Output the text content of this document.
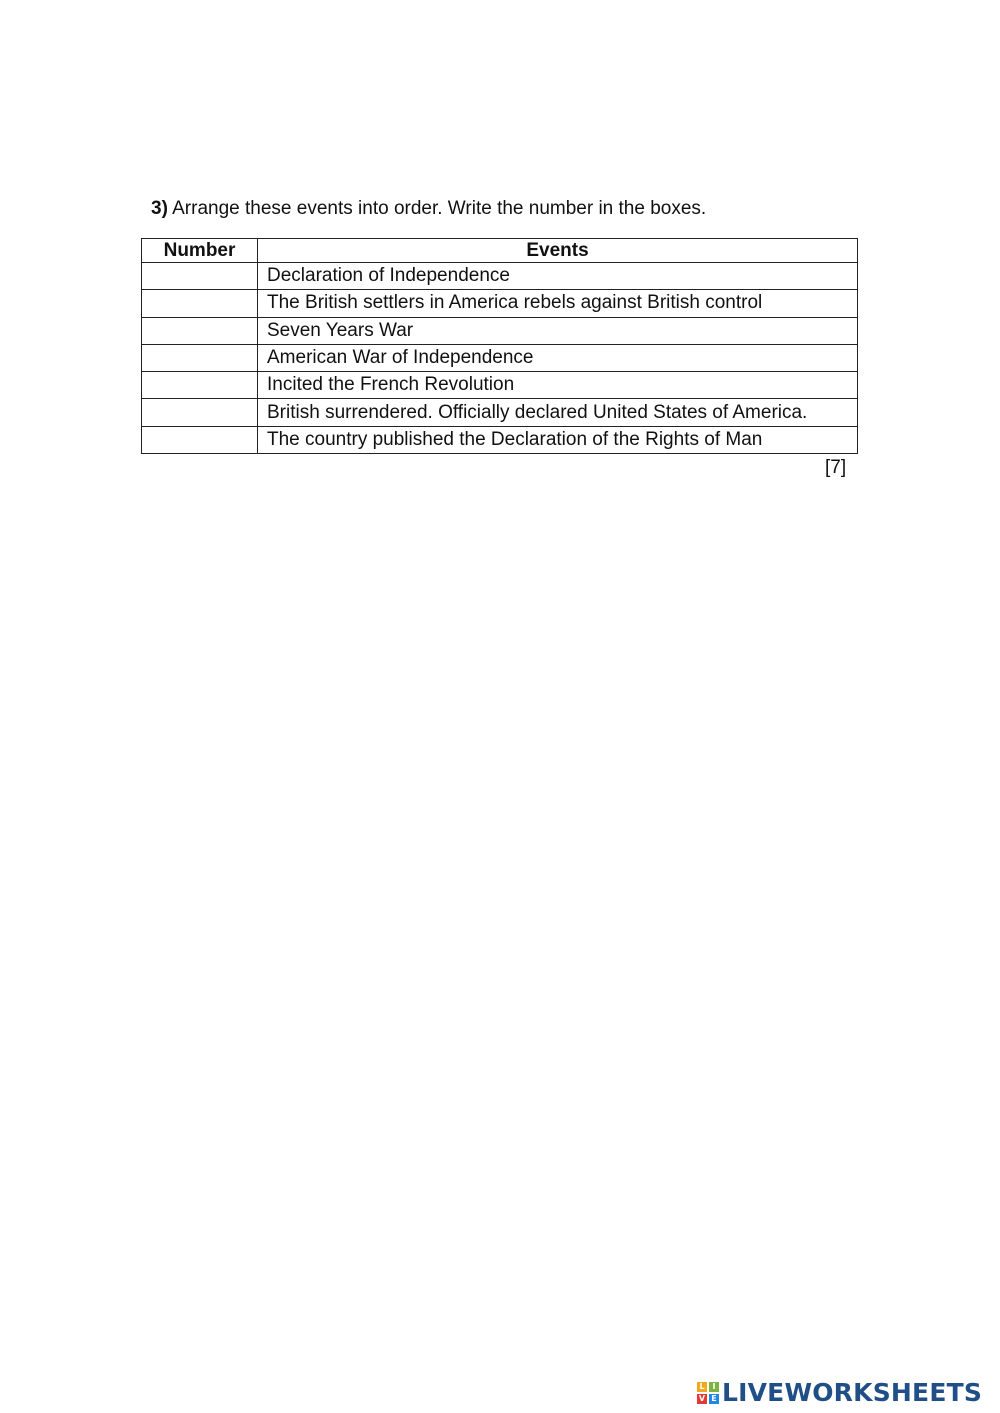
3) Arrange these events into order. Write the number in the boxes.
Number	Events
	Declaration of Independence
	The British settlers in America rebels against British control
	Seven Years War
	American War of Independence
	Incited the French Revolution
	British surrendered. Officially declared United States of America.
	The country published the Declaration of the Rights of Man
[7]
L I
V E LIVEWORKSHEETS
